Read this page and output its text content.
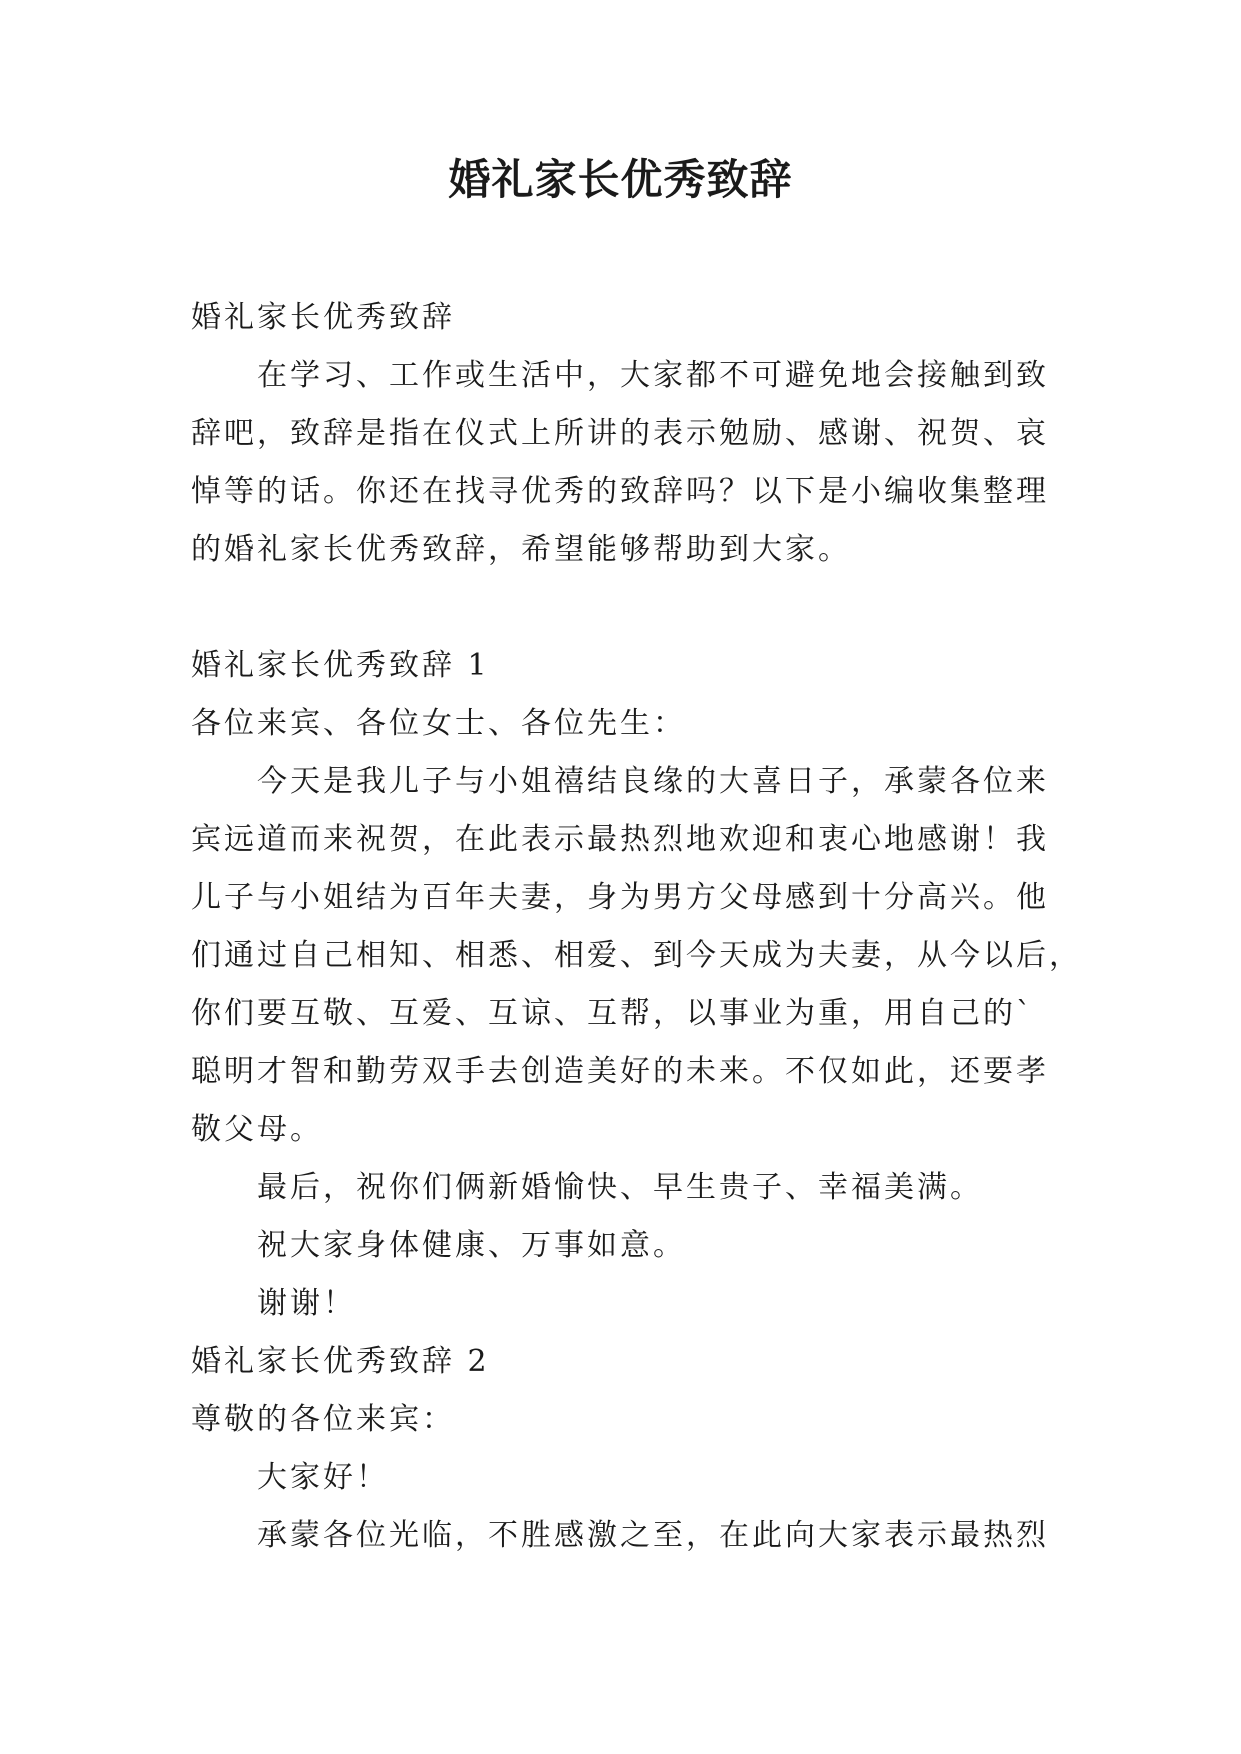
婚礼家长优秀致辞

婚礼家长优秀致辞

在学习、工作或生活中，大家都不可避免地会接触到致

辞吧，致辞是指在仪式上所讲的表示勉励、感谢、祝贺、哀

悼等的话。你还在找寻优秀的致辞吗？以下是小编收集整理

的婚礼家长优秀致辞，希望能够帮助到大家。

婚礼家长优秀致辞 1

各位来宾、各位女士、各位先生：

今天是我儿子与小姐禧结良缘的大喜日子，承蒙各位来

宾远道而来祝贺，在此表示最热烈地欢迎和衷心地感谢！我

儿子与小姐结为百年夫妻，身为男方父母感到十分高兴。他

们通过自己相知、相悉、相爱、到今天成为夫妻，从今以后，

你们要互敬、互爱、互谅、互帮，以事业为重，用自己的`

聪明才智和勤劳双手去创造美好的未来。不仅如此，还要孝

敬父母。

最后，祝你们俩新婚愉快、早生贵子、幸福美满。

祝大家身体健康、万事如意。

谢谢！

婚礼家长优秀致辞 2

尊敬的各位来宾：

大家好！

承蒙各位光临，不胜感激之至，在此向大家表示最热烈
